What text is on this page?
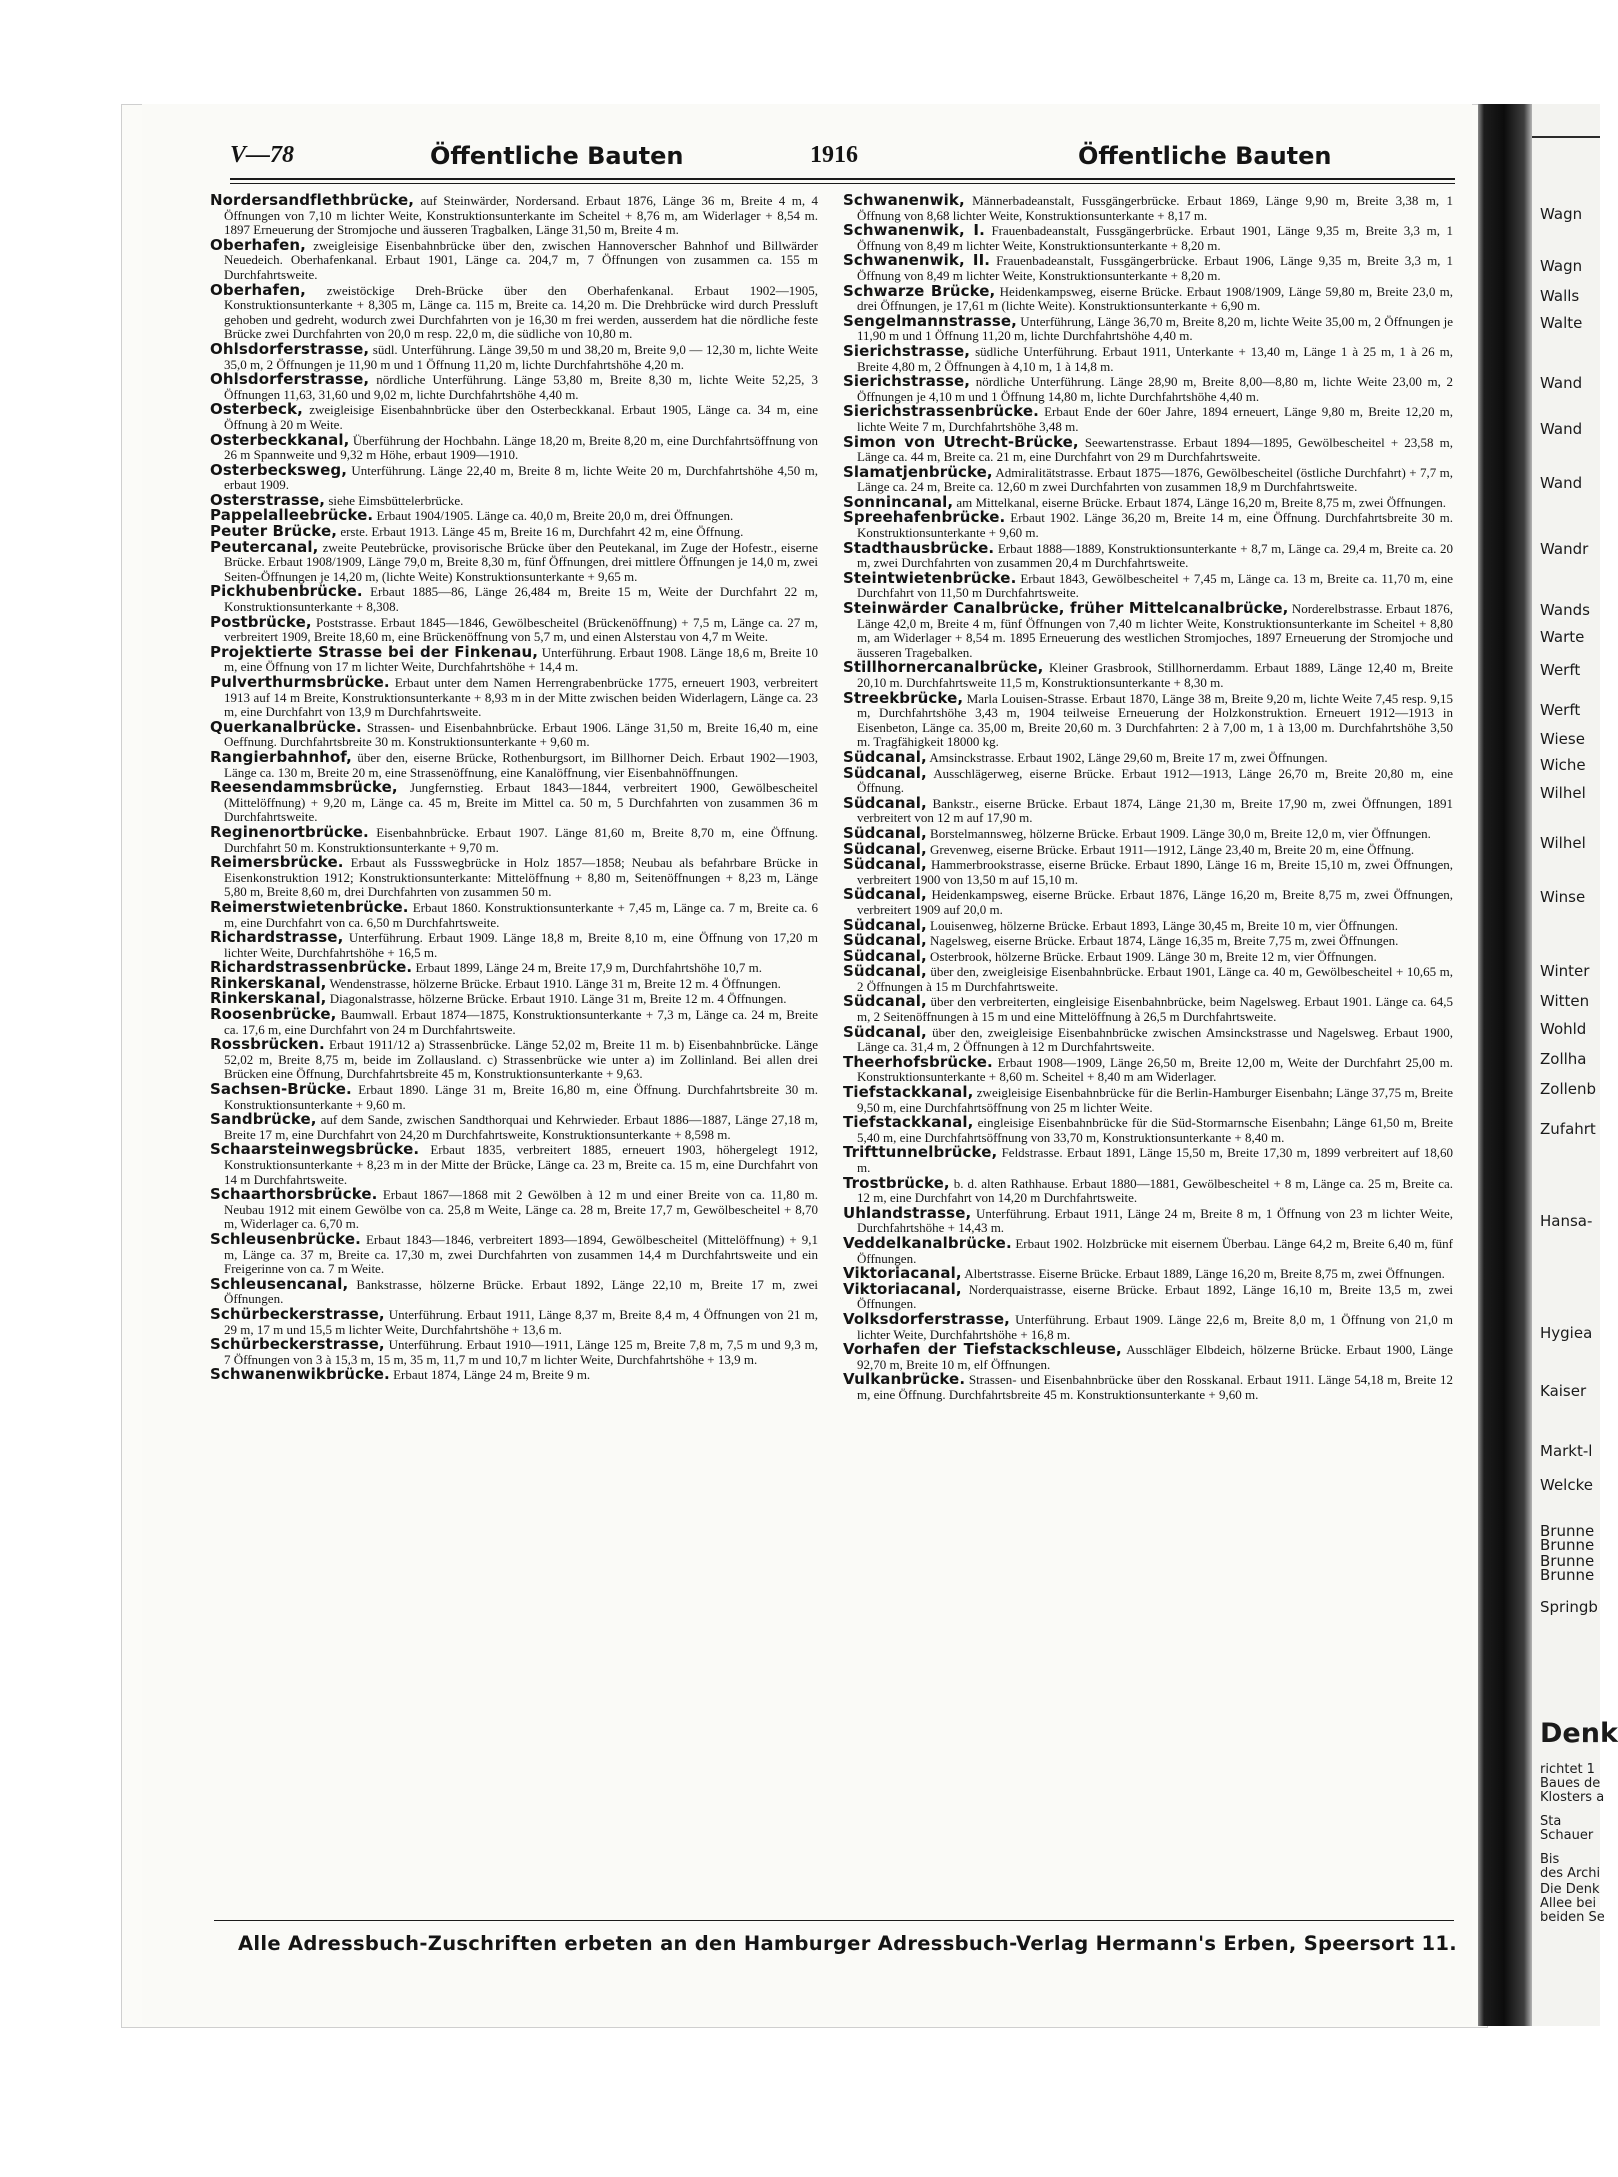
Wagn
Wagn
Walls
Walte
Wand
Wand
Wand
Wandr
Wands
Warte
Werft
Werft
Wiese
Wiche
Wilhel
Wilhel
Winse
Winter
Witten
Wohld
Zollha
Zollenb
Zufahrt
Hansa-
Hygiea
Kaiser
Markt-l
Welcke
Brunne
Brunne
Brunne
Brunne
Springb
Denk
richtet 1
Baues de
Klosters a
Sta
Schauer
Bis
des Archi
Die Denk
Allee bei
beiden Se
V—78	Öffentliche Bauten	1916	Öffentliche Bauten
Nordersandflethbrücke, auf Steinwärder, Nordersand. Erbaut 1876, Länge 36 m, Breite 4 m, 4 Öffnungen von 7,10 m lichter Weite, Konstruktionsunterkante im Scheitel + 8,76 m, am Widerlager + 8,54 m. 1897 Erneuerung der Stromjoche und äusseren Tragbalken, Länge 31,50 m, Breite 4 m.
Oberhafen, zweigleisige Eisenbahnbrücke über den, zwischen Hannoverscher Bahnhof und Billwärder Neuedeich. Oberhafenkanal. Erbaut 1901, Länge ca. 204,7 m, 7 Öffnungen von zusammen ca. 155 m Durchfahrtsweite.
Oberhafen, zweistöckige Dreh-Brücke über den Oberhafenkanal. Erbaut 1902—1905, Konstruktionsunterkante + 8,305 m, Länge ca. 115 m, Breite ca. 14,20 m. Die Drehbrücke wird durch Pressluft gehoben und gedreht, wodurch zwei Durchfahrten von je 16,30 m frei werden, ausserdem hat die nördliche feste Brücke zwei Durchfahrten von 20,0 m resp. 22,0 m, die südliche von 10,80 m.
Ohlsdorferstrasse, südl. Unterführung. Länge 39,50 m und 38,20 m, Breite 9,0 — 12,30 m, lichte Weite 35,0 m, 2 Öffnungen je 11,90 m und 1 Öffnung 11,20 m, lichte Durchfahrtshöhe 4,20 m.
Ohlsdorferstrasse, nördliche Unterführung. Länge 53,80 m, Breite 8,30 m, lichte Weite 52,25, 3 Öffnungen 11,63, 31,60 und 9,02 m, lichte Durchfahrtshöhe 4,40 m.
Osterbeck, zweigleisige Eisenbahnbrücke über den Osterbeckkanal. Erbaut 1905, Länge ca. 34 m, eine Öffnung à 20 m Weite.
Osterbeckkanal, Überführung der Hochbahn. Länge 18,20 m, Breite 8,20 m, eine Durchfahrtsöffnung von 26 m Spannweite und 9,32 m Höhe, erbaut 1909—1910.
Osterbecksweg, Unterführung. Länge 22,40 m, Breite 8 m, lichte Weite 20 m, Durchfahrtshöhe 4,50 m, erbaut 1909.
Osterstrasse, siehe Eimsbüttelerbrücke.
Pappelalleebrücke. Erbaut 1904/1905. Länge ca. 40,0 m, Breite 20,0 m, drei Öffnungen.
Peuter Brücke, erste. Erbaut 1913. Länge 45 m, Breite 16 m, Durchfahrt 42 m, eine Öffnung.
Peutercanal, zweite Peutebrücke, provisorische Brücke über den Peutekanal, im Zuge der Hofestr., eiserne Brücke. Erbaut 1908/1909, Länge 79,0 m, Breite 8,30 m, fünf Öffnungen, drei mittlere Öffnungen je 14,0 m, zwei Seiten-Öffnungen je 14,20 m, (lichte Weite) Konstruktionsunterkante + 9,65 m.
Pickhubenbrücke. Erbaut 1885—86, Länge 26,484 m, Breite 15 m, Weite der Durchfahrt 22 m, Konstruktionsunterkante + 8,308.
Postbrücke, Poststrasse. Erbaut 1845—1846, Gewölbescheitel (Brückenöffnung) + 7,5 m, Länge ca. 27 m, verbreitert 1909, Breite 18,60 m, eine Brückenöffnung von 5,7 m, und einen Alsterstau von 4,7 m Weite.
Projektierte Strasse bei der Finkenau, Unterführung. Erbaut 1908. Länge 18,6 m, Breite 10 m, eine Öffnung von 17 m lichter Weite, Durchfahrtshöhe + 14,4 m.
Pulverthurmsbrücke. Erbaut unter dem Namen Herrengrabenbrücke 1775, erneuert 1903, verbreitert 1913 auf 14 m Breite, Konstruktionsunterkante + 8,93 m in der Mitte zwischen beiden Widerlagern, Länge ca. 23 m, eine Durchfahrt von 13,9 m Durchfahrtsweite.
Querkanalbrücke. Strassen- und Eisenbahnbrücke. Erbaut 1906. Länge 31,50 m, Breite 16,40 m, eine Oeffnung. Durchfahrtsbreite 30 m. Konstruktionsunterkante + 9,60 m.
Rangierbahnhof, über den, eiserne Brücke, Rothenburgsort, im Billhorner Deich. Erbaut 1902—1903, Länge ca. 130 m, Breite 20 m, eine Strassenöffnung, eine Kanalöffnung, vier Eisenbahnöffnungen.
Reesendammsbrücke, Jungfernstieg. Erbaut 1843—1844, verbreitert 1900, Gewölbescheitel (Mittelöffnung) + 9,20 m, Länge ca. 45 m, Breite im Mittel ca. 50 m, 5 Durchfahrten von zusammen 36 m Durchfahrtsweite.
Reginenortbrücke. Eisenbahnbrücke. Erbaut 1907. Länge 81,60 m, Breite 8,70 m, eine Öffnung. Durchfahrt 50 m. Konstruktionsunterkante + 9,70 m.
Reimersbrücke. Erbaut als Fussswegbrücke in Holz 1857—1858; Neubau als befahrbare Brücke in Eisenkonstruktion 1912; Konstruktionsunterkante: Mittelöffnung + 8,80 m, Seitenöffnungen + 8,23 m, Länge 5,80 m, Breite 8,60 m, drei Durchfahrten von zusammen 50 m.
Reimerstwietenbrücke. Erbaut 1860. Konstruktionsunterkante + 7,45 m, Länge ca. 7 m, Breite ca. 6 m, eine Durchfahrt von ca. 6,50 m Durchfahrtsweite.
Richardstrasse, Unterführung. Erbaut 1909. Länge 18,8 m, Breite 8,10 m, eine Öffnung von 17,20 m lichter Weite, Durchfahrtshöhe + 16,5 m.
Richardstrassenbrücke. Erbaut 1899, Länge 24 m, Breite 17,9 m, Durchfahrtshöhe 10,7 m.
Rinkerskanal, Wendenstrasse, hölzerne Brücke. Erbaut 1910. Länge 31 m, Breite 12 m. 4 Öffnungen.
Rinkerskanal, Diagonalstrasse, hölzerne Brücke. Erbaut 1910. Länge 31 m, Breite 12 m. 4 Öffnungen.
Roosenbrücke, Baumwall. Erbaut 1874—1875, Konstruktionsunterkante + 7,3 m, Länge ca. 24 m, Breite ca. 17,6 m, eine Durchfahrt von 24 m Durchfahrtsweite.
Rossbrücken. Erbaut 1911/12 a) Strassenbrücke. Länge 52,02 m, Breite 11 m. b) Eisenbahnbrücke. Länge 52,02 m, Breite 8,75 m, beide im Zollausland. c) Strassenbrücke wie unter a) im Zollinland. Bei allen drei Brücken eine Öffnung, Durchfahrtsbreite 45 m, Konstruktionsunterkante + 9,63.
Sachsen-Brücke. Erbaut 1890. Länge 31 m, Breite 16,80 m, eine Öffnung. Durchfahrtsbreite 30 m. Konstruktionsunterkante + 9,60 m.
Sandbrücke, auf dem Sande, zwischen Sandthorquai und Kehrwieder. Erbaut 1886—1887, Länge 27,18 m, Breite 17 m, eine Durchfahrt von 24,20 m Durchfahrtsweite, Konstruktionsunterkante + 8,598 m.
Schaarsteinwegsbrücke. Erbaut 1835, verbreitert 1885, erneuert 1903, höhergelegt 1912, Konstruktionsunterkante + 8,23 m in der Mitte der Brücke, Länge ca. 23 m, Breite ca. 15 m, eine Durchfahrt von 14 m Durchfahrtsweite.
Schaarthorsbrücke. Erbaut 1867—1868 mit 2 Gewölben à 12 m und einer Breite von ca. 11,80 m. Neubau 1912 mit einem Gewölbe von ca. 25,8 m Weite, Länge ca. 28 m, Breite 17,7 m, Gewölbescheitel + 8,70 m, Widerlager ca. 6,70 m.
Schleusenbrücke. Erbaut 1843—1846, verbreitert 1893—1894, Gewölbescheitel (Mittelöffnung) + 9,1 m, Länge ca. 37 m, Breite ca. 17,30 m, zwei Durchfahrten von zusammen 14,4 m Durchfahrtsweite und ein Freigerinne von ca. 7 m Weite.
Schleusencanal, Bankstrasse, hölzerne Brücke. Erbaut 1892, Länge 22,10 m, Breite 17 m, zwei Öffnungen.
Schürbeckerstrasse, Unterführung. Erbaut 1911, Länge 8,37 m, Breite 8,4 m, 4 Öffnungen von 21 m, 29 m, 17 m und 15,5 m lichter Weite, Durchfahrtshöhe + 13,6 m.
Schürbeckerstrasse, Unterführung. Erbaut 1910—1911, Länge 125 m, Breite 7,8 m, 7,5 m und 9,3 m, 7 Öffnungen von 3 à 15,3 m, 15 m, 35 m, 11,7 m und 10,7 m lichter Weite, Durchfahrtshöhe + 13,9 m.
Schwanenwikbrücke. Erbaut 1874, Länge 24 m, Breite 9 m.
Schwanenwik, Männerbadeanstalt, Fussgängerbrücke. Erbaut 1869, Länge 9,90 m, Breite 3,38 m, 1 Öffnung von 8,68 lichter Weite, Konstruktionsunterkante + 8,17 m.
Schwanenwik, I. Frauenbadeanstalt, Fussgängerbrücke. Erbaut 1901, Länge 9,35 m, Breite 3,3 m, 1 Öffnung von 8,49 m lichter Weite, Konstruktionsunterkante + 8,20 m.
Schwanenwik, II. Frauenbadeanstalt, Fussgängerbrücke. Erbaut 1906, Länge 9,35 m, Breite 3,3 m, 1 Öffnung von 8,49 m lichter Weite, Konstruktionsunterkante + 8,20 m.
Schwarze Brücke, Heidenkampsweg, eiserne Brücke. Erbaut 1908/1909, Länge 59,80 m, Breite 23,0 m, drei Öffnungen, je 17,61 m (lichte Weite). Konstruktionsunterkante + 6,90 m.
Sengelmannstrasse, Unterführung, Länge 36,70 m, Breite 8,20 m, lichte Weite 35,00 m, 2 Öffnungen je 11,90 m und 1 Öffnung 11,20 m, lichte Durchfahrtshöhe 4,40 m.
Sierichstrasse, südliche Unterführung. Erbaut 1911, Unterkante + 13,40 m, Länge 1 à 25 m, 1 à 26 m, Breite 4,80 m, 2 Öffnungen à 4,10 m, 1 à 14,8 m.
Sierichstrasse, nördliche Unterführung. Länge 28,90 m, Breite 8,00—8,80 m, lichte Weite 23,00 m, 2 Öffnungen je 4,10 m und 1 Öffnung 14,80 m, lichte Durchfahrtshöhe 4,40 m.
Sierichstrassenbrücke. Erbaut Ende der 60er Jahre, 1894 erneuert, Länge 9,80 m, Breite 12,20 m, lichte Weite 7 m, Durchfahrtshöhe 3,48 m.
Simon von Utrecht-Brücke, Seewartenstrasse. Erbaut 1894—1895, Gewölbescheitel + 23,58 m, Länge ca. 44 m, Breite ca. 21 m, eine Durchfahrt von 29 m Durchfahrtsweite.
Slamatjenbrücke, Admiralitätstrasse. Erbaut 1875—1876, Gewölbescheitel (östliche Durchfahrt) + 7,7 m, Länge ca. 24 m, Breite ca. 12,60 m zwei Durchfahrten von zusammen 18,9 m Durchfahrtsweite.
Sonnincanal, am Mittelkanal, eiserne Brücke. Erbaut 1874, Länge 16,20 m, Breite 8,75 m, zwei Öffnungen.
Spreehafenbrücke. Erbaut 1902. Länge 36,20 m, Breite 14 m, eine Öffnung. Durchfahrtsbreite 30 m. Konstruktionsunterkante + 9,60 m.
Stadthausbrücke. Erbaut 1888—1889, Konstruktionsunterkante + 8,7 m, Länge ca. 29,4 m, Breite ca. 20 m, zwei Durchfahrten von zusammen 20,4 m Durchfahrtsweite.
Steintwietenbrücke. Erbaut 1843, Gewölbescheitel + 7,45 m, Länge ca. 13 m, Breite ca. 11,70 m, eine Durchfahrt von 11,50 m Durchfahrtsweite.
Steinwärder Canalbrücke, früher Mittelcanalbrücke, Norderelbstrasse. Erbaut 1876, Länge 42,0 m, Breite 4 m, fünf Öffnungen von 7,40 m lichter Weite, Konstruktionsunterkante im Scheitel + 8,80 m, am Widerlager + 8,54 m. 1895 Erneuerung des westlichen Stromjoches, 1897 Erneuerung der Stromjoche und äusseren Tragebalken.
Stillhornercanalbrücke, Kleiner Grasbrook, Stillhornerdamm. Erbaut 1889, Länge 12,40 m, Breite 20,10 m. Durchfahrtsweite 11,5 m, Konstruktionsunterkante + 8,30 m.
Streekbrücke, Marla Louisen-Strasse. Erbaut 1870, Länge 38 m, Breite 9,20 m, lichte Weite 7,45 resp. 9,15 m, Durchfahrtshöhe 3,43 m, 1904 teilweise Erneuerung der Holzkonstruktion. Erneuert 1912—1913 in Eisenbeton, Länge ca. 35,00 m, Breite 20,60 m. 3 Durchfahrten: 2 à 7,00 m, 1 à 13,00 m. Durchfahrtshöhe 3,50 m. Tragfähigkeit 18000 kg.
Südcanal, Amsinckstrasse. Erbaut 1902, Länge 29,60 m, Breite 17 m, zwei Öffnungen.
Südcanal, Ausschlägerweg, eiserne Brücke. Erbaut 1912—1913, Länge 26,70 m, Breite 20,80 m, eine Öffnung.
Südcanal, Bankstr., eiserne Brücke. Erbaut 1874, Länge 21,30 m, Breite 17,90 m, zwei Öffnungen, 1891 verbreitert von 12 m auf 17,90 m.
Südcanal, Borstelmannsweg, hölzerne Brücke. Erbaut 1909. Länge 30,0 m, Breite 12,0 m, vier Öffnungen.
Südcanal, Grevenweg, eiserne Brücke. Erbaut 1911—1912, Länge 23,40 m, Breite 20 m, eine Öffnung.
Südcanal, Hammerbrookstrasse, eiserne Brücke. Erbaut 1890, Länge 16 m, Breite 15,10 m, zwei Öffnungen, verbreitert 1900 von 13,50 m auf 15,10 m.
Südcanal, Heidenkampsweg, eiserne Brücke. Erbaut 1876, Länge 16,20 m, Breite 8,75 m, zwei Öffnungen, verbreitert 1909 auf 20,0 m.
Südcanal, Louisenweg, hölzerne Brücke. Erbaut 1893, Länge 30,45 m, Breite 10 m, vier Öffnungen.
Südcanal, Nagelsweg, eiserne Brücke. Erbaut 1874, Länge 16,35 m, Breite 7,75 m, zwei Öffnungen.
Südcanal, Osterbrook, hölzerne Brücke. Erbaut 1909. Länge 30 m, Breite 12 m, vier Öffnungen.
Südcanal, über den, zweigleisige Eisenbahnbrücke. Erbaut 1901, Länge ca. 40 m, Gewölbescheitel + 10,65 m, 2 Öffnungen à 15 m Durchfahrtsweite.
Südcanal, über den verbreiterten, eingleisige Eisenbahnbrücke, beim Nagelsweg. Erbaut 1901. Länge ca. 64,5 m, 2 Seitenöffnungen à 15 m und eine Mittelöffnung à 26,5 m Durchfahrtsweite.
Südcanal, über den, zweigleisige Eisenbahnbrücke zwischen Amsinckstrasse und Nagelsweg. Erbaut 1900, Länge ca. 31,4 m, 2 Öffnungen à 12 m Durchfahrtsweite.
Theerhofsbrücke. Erbaut 1908—1909, Länge 26,50 m, Breite 12,00 m, Weite der Durchfahrt 25,00 m. Konstruktionsunterkante + 8,60 m. Scheitel + 8,40 m am Widerlager.
Tiefstackkanal, zweigleisige Eisenbahnbrücke für die Berlin-Hamburger Eisenbahn; Länge 37,75 m, Breite 9,50 m, eine Durchfahrtsöffnung von 25 m lichter Weite.
Tiefstackkanal, eingleisige Eisenbahnbrücke für die Süd-Stormarnsche Eisenbahn; Länge 61,50 m, Breite 5,40 m, eine Durchfahrtsöffnung von 33,70 m, Konstruktionsunterkante + 8,40 m.
Trifttunnelbrücke, Feldstrasse. Erbaut 1891, Länge 15,50 m, Breite 17,30 m, 1899 verbreitert auf 18,60 m.
Trostbrücke, b. d. alten Rathhause. Erbaut 1880—1881, Gewölbescheitel + 8 m, Länge ca. 25 m, Breite ca. 12 m, eine Durchfahrt von 14,20 m Durchfahrtsweite.
Uhlandstrasse, Unterführung. Erbaut 1911, Länge 24 m, Breite 8 m, 1 Öffnung von 23 m lichter Weite, Durchfahrtshöhe + 14,43 m.
Veddelkanalbrücke. Erbaut 1902. Holzbrücke mit eisernem Überbau. Länge 64,2 m, Breite 6,40 m, fünf Öffnungen.
Viktoriacanal, Albertstrasse. Eiserne Brücke. Erbaut 1889, Länge 16,20 m, Breite 8,75 m, zwei Öffnungen.
Viktoriacanal, Norderquaistrasse, eiserne Brücke. Erbaut 1892, Länge 16,10 m, Breite 13,5 m, zwei Öffnungen.
Volksdorferstrasse, Unterführung. Erbaut 1909. Länge 22,6 m, Breite 8,0 m, 1 Öffnung von 21,0 m lichter Weite, Durchfahrtshöhe + 16,8 m.
Vorhafen der Tiefstackschleuse, Ausschläger Elbdeich, hölzerne Brücke. Erbaut 1900, Länge 92,70 m, Breite 10 m, elf Öffnungen.
Vulkanbrücke. Strassen- und Eisenbahnbrücke über den Rosskanal. Erbaut 1911. Länge 54,18 m, Breite 12 m, eine Öffnung. Durchfahrtsbreite 45 m. Konstruktionsunterkante + 9,60 m.
Alle Adressbuch-Zuschriften erbeten an den Hamburger Adressbuch-Verlag Hermann's Erben, Speersort 11.
